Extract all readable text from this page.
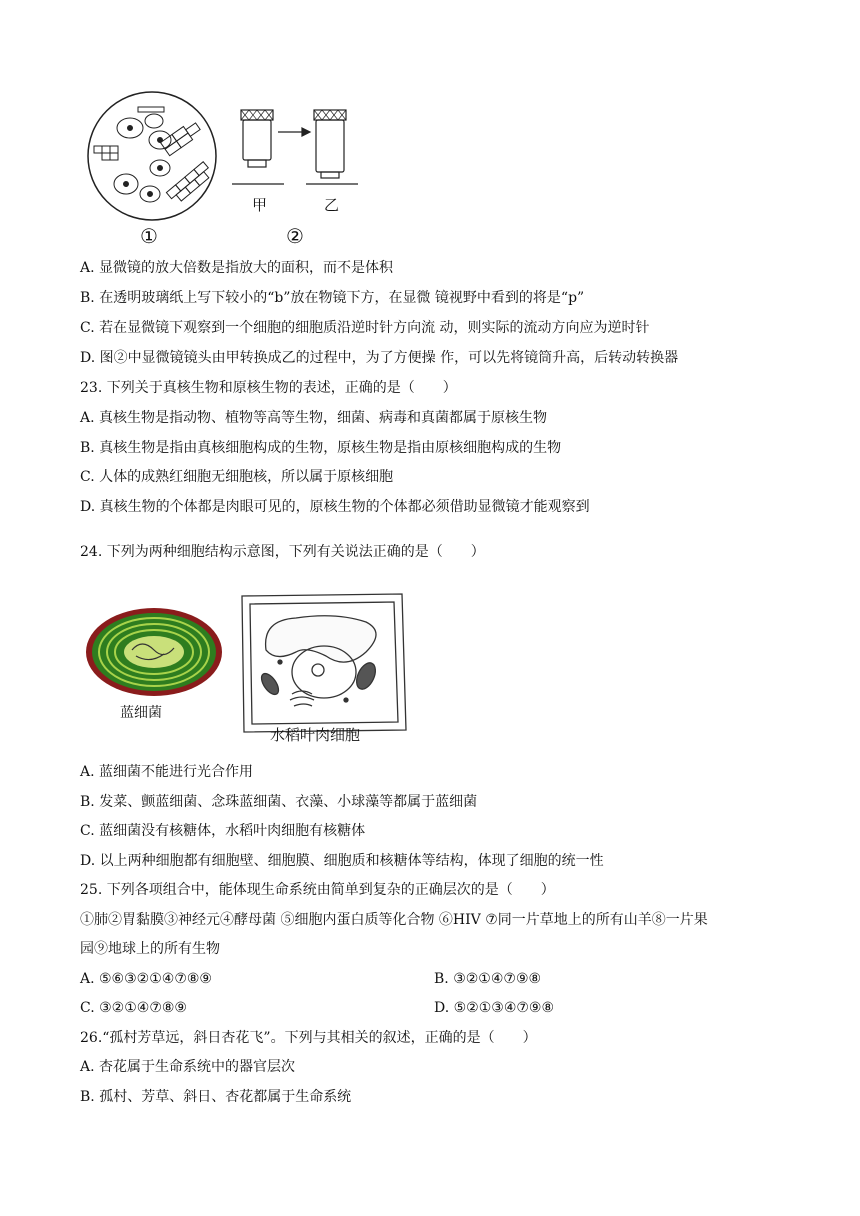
①	②
甲	乙
A. 显微镜的放大倍数是指放大的面积，而不是体积
B. 在透明玻璃纸上写下较小的“b”放在物镜下方，在显微 镜视野中看到的将是“p”
C. 若在显微镜下观察到一个细胞的细胞质沿逆时针方向流 动，则实际的流动方向应为逆时针
D. 图②中显微镜镜头由甲转换成乙的过程中，为了方便操 作，可以先将镜筒升高，后转动转换器
23. 下列关于真核生物和原核生物的表述，正确的是（　　）
A. 真核生物是指动物、植物等高等生物，细菌、病毒和真菌都属于原核生物
B. 真核生物是指由真核细胞构成的生物，原核生物是指由原核细胞构成的生物
C. 人体的成熟红细胞无细胞核，所以属于原核细胞
D. 真核生物的个体都是肉眼可见的，原核生物的个体都必须借助显微镜才能观察到
24. 下列为两种细胞结构示意图，下列有关说法正确的是（　　）
蓝细菌
水稻叶肉细胞
A. 蓝细菌不能进行光合作用
B. 发菜、颤蓝细菌、念珠蓝细菌、衣藻、小球藻等都属于蓝细菌
C. 蓝细菌没有核糖体，水稻叶肉细胞有核糖体
D. 以上两种细胞都有细胞壁、细胞膜、细胞质和核糖体等结构，体现了细胞的统一性
25. 下列各项组合中，能体现生命系统由简单到复杂的正确层次的是（　　）
①肺②胃黏膜③神经元④酵母菌 ⑤细胞内蛋白质等化合物 ⑥HIV ⑦同一片草地上的所有山羊⑧一片果
园⑨地球上的所有生物
A. ⑤⑥③②①④⑦⑧⑨	B. ③②①④⑦⑨⑧
C. ③②①④⑦⑧⑨	D. ⑤②①③④⑦⑨⑧
26.“孤村芳草远，斜日杏花飞”。下列与其相关的叙述，正确的是（　　）
A. 杏花属于生命系统中的器官层次
B. 孤村、芳草、斜日、杏花都属于生命系统
